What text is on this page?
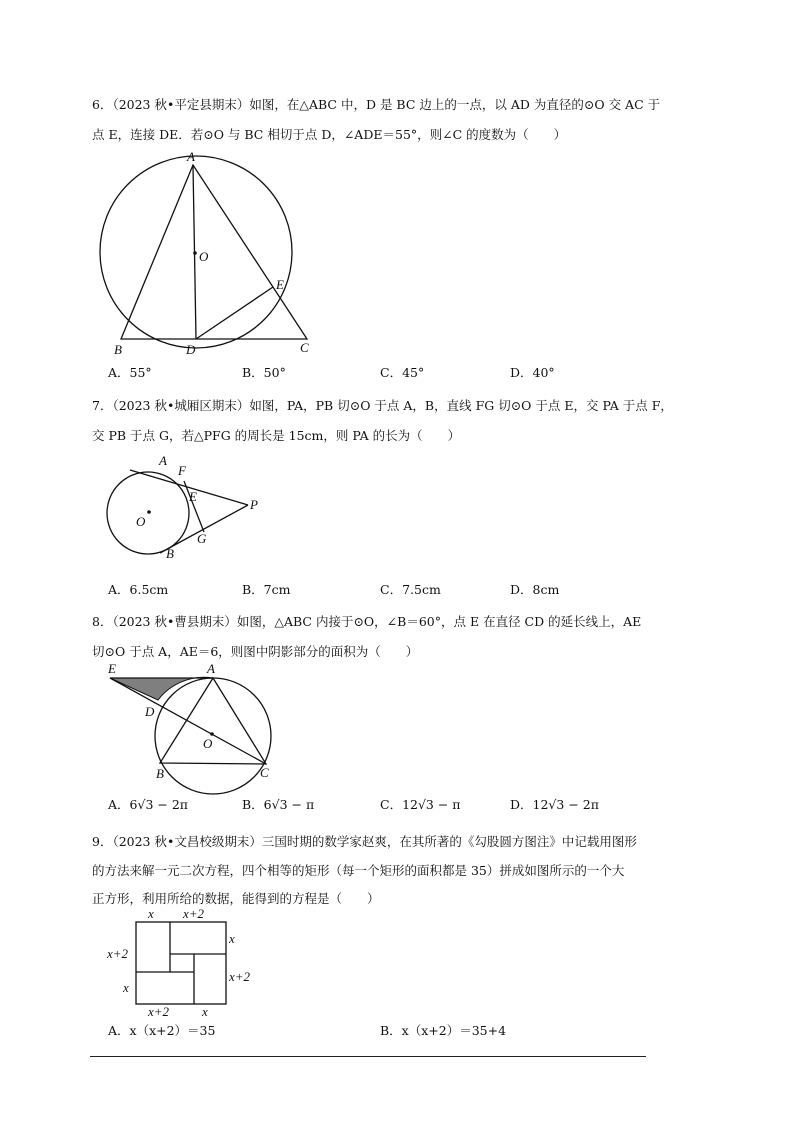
6．（2023 秋•平定县期末）如图，在△ABC 中，D 是 BC 边上的一点，以 AD 为直径的⊙O 交 AC 于
点 E，连接 DE．若⊙O 与 BC 相切于点 D，∠ADE＝55°，则∠C 的度数为（　　）
A
O
E
B	D	C
A．55°	B．50°	C．45°	D．40°
7．（2023 秋•城厢区期末）如图，PA，PB 切⊙O 于点 A，B，直线 FG 切⊙O 于点 E，交 PA 于点 F，
交 PB 于点 G，若△PFG 的周长是 15cm，则 PA 的长为（　　）
A
F
E
O
P
B
G
A．6.5cm	B．7cm	C．7.5cm	D．8cm
8．（2023 秋•曹县期末）如图，△ABC 内接于⊙O，∠B＝60°，点 E 在直径 CD 的延长线上，AE
切⊙O 于点 A，AE＝6，则图中阴影部分的面积为（　　）
E	A
D
O
B	C
A．6√3 − 2π	B．6√3 − π	C．12√3 − π	D．12√3 − 2π
9．（2023 秋•文昌校级期末）三国时期的数学家赵爽，在其所著的《勾股圆方图注》中记载用图形
的方法来解一元二次方程，四个相等的矩形（每一个矩形的面积都是 35）拼成如图所示的一个大
正方形，利用所给的数据，能得到的方程是（　　）
x x+2
x
x+2
x+2
x
x+2	x
A．x（x+2）＝35	B．x（x+2）＝35+4
